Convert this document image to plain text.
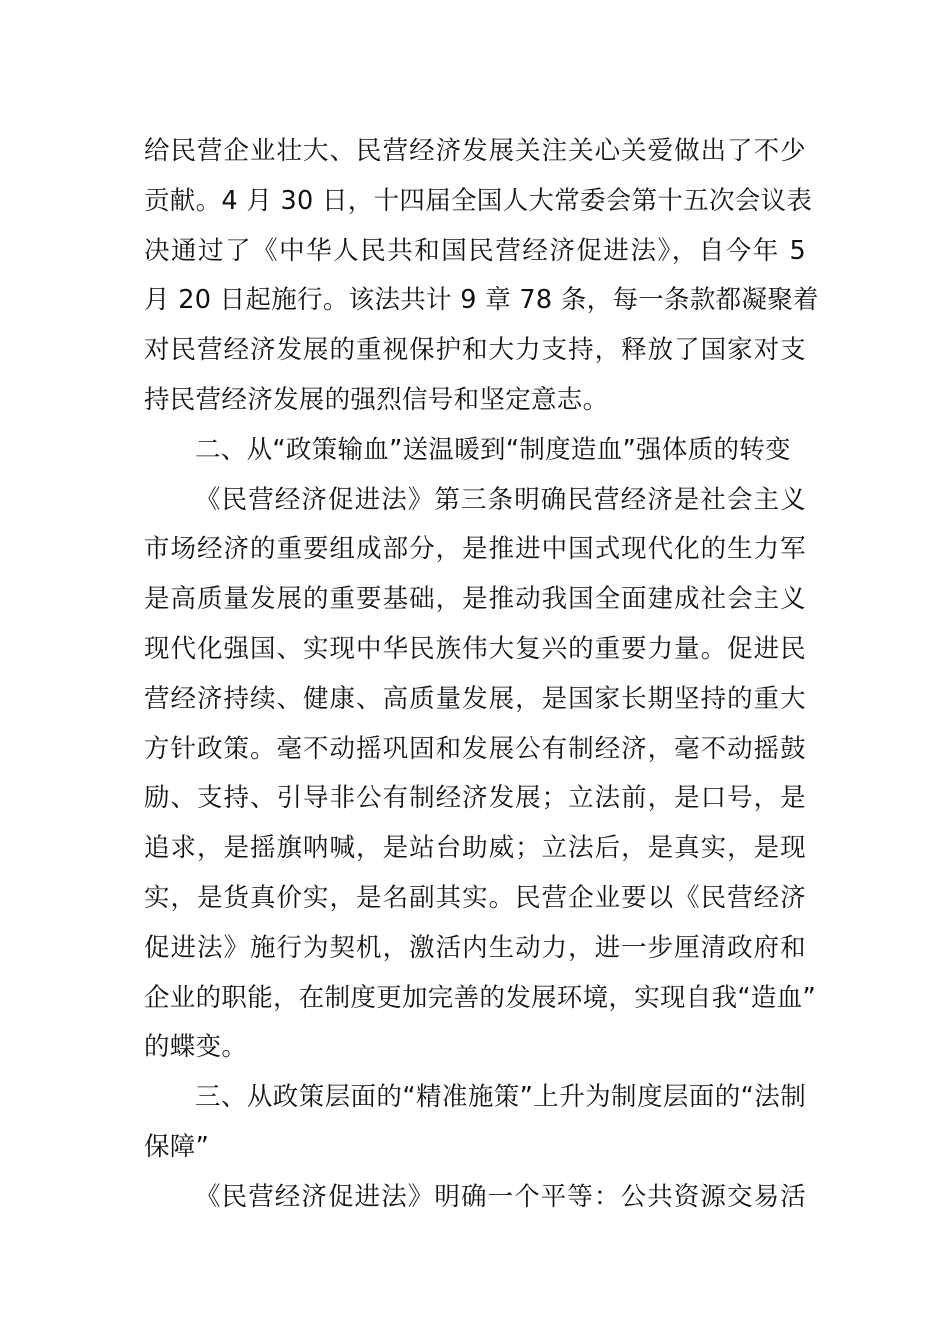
给民营企业壮大、民营经济发展关注关心关爱做出了不少
贡献。4 月 30 日，十四届全国人大常委会第十五次会议表
决通过了《中华人民共和国民营经济促进法》，自今年 5
月 20 日起施行。该法共计 9 章 78 条，每一条款都凝聚着
对民营经济发展的重视保护和大力支持，释放了国家对支
持民营经济发展的强烈信号和坚定意志。
二、从“政策输血”送温暖到“制度造血”强体质的转变
《民营经济促进法》第三条明确民营经济是社会主义
市场经济的重要组成部分，是推进中国式现代化的生力军
是高质量发展的重要基础，是推动我国全面建成社会主义
现代化强国、实现中华民族伟大复兴的重要力量。促进民
营经济持续、健康、高质量发展，是国家长期坚持的重大
方针政策。毫不动摇巩固和发展公有制经济，毫不动摇鼓
励、支持、引导非公有制经济发展；立法前，是口号，是
追求，是摇旗呐喊，是站台助威；立法后，是真实，是现
实，是货真价实，是名副其实。民营企业要以《民营经济
促进法》施行为契机，激活内生动力，进一步厘清政府和
企业的职能，在制度更加完善的发展环境，实现自我“造血”
的蝶变。
三、从政策层面的“精准施策”上升为制度层面的“法制
保障”
《民营经济促进法》明确一个平等：公共资源交易活
